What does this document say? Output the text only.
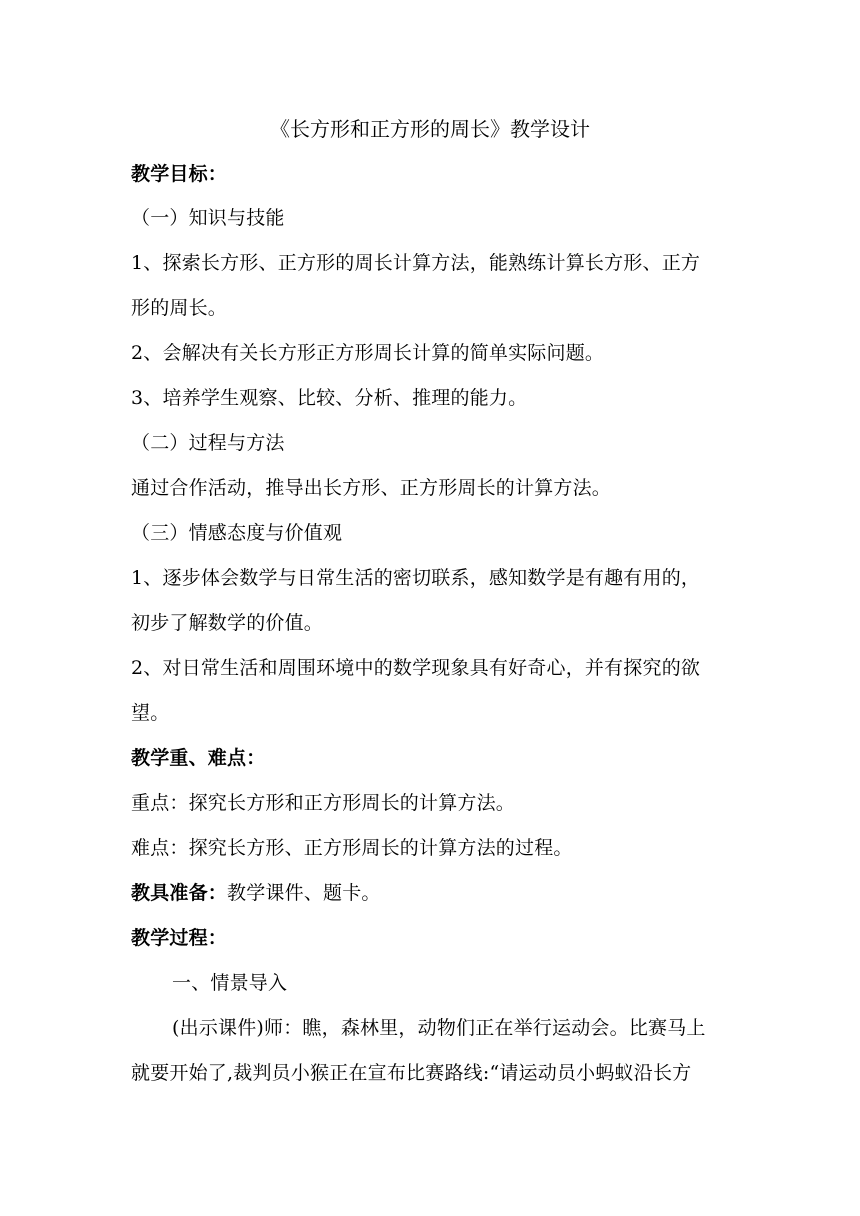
《长方形和正方形的周长》教学设计
教学目标：
（一）知识与技能
1、探索长方形、正方形的周长计算方法，能熟练计算长方形、正方
形的周长。
2、会解决有关长方形正方形周长计算的简单实际问题。
3、培养学生观察、比较、分析、推理的能力。
（二）过程与方法
通过合作活动，推导出长方形、正方形周长的计算方法。
（三）情感态度与价值观
1、逐步体会数学与日常生活的密切联系，感知数学是有趣有用的，
初步了解数学的价值。
2、对日常生活和周围环境中的数学现象具有好奇心，并有探究的欲
望。
教学重、难点：
重点：探究长方形和正方形周长的计算方法。
难点：探究长方形、正方形周长的计算方法的过程。
教具准备：教学课件、题卡。
教学过程：
一、情景导入
(出示课件)师：瞧，森林里，动物们正在举行运动会。比赛马上
就要开始了,裁判员小猴正在宣布比赛路线:“请运动员小蚂蚁沿长方
